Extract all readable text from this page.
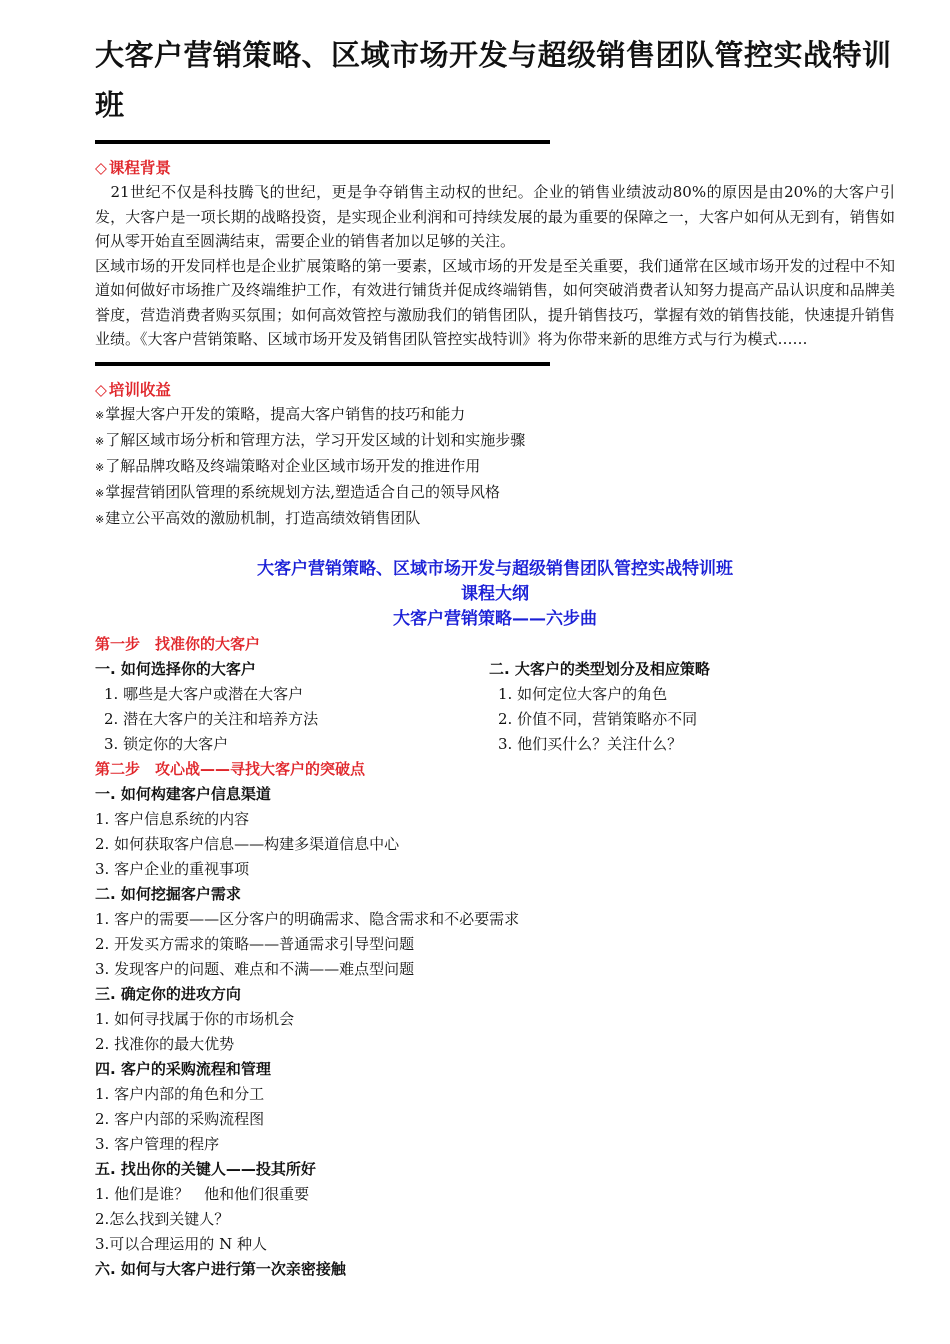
大客户营销策略、区域市场开发与超级销售团队管控实战特训班
◇ 课程背景

　21世纪不仅是科技腾飞的世纪，更是争夺销售主动权的世纪。企业的销售业绩波动80%的原因是由20%的大客户引发，大客户是一项长期的战略投资，是实现企业利润和可持续发展的最为重要的保障之一，大客户如何从无到有，销售如何从零开始直至圆满结束，需要企业的销售者加以足够的关注。

区域市场的开发同样也是企业扩展策略的第一要素，区域市场的开发是至关重要，我们通常在区域市场开发的过程中不知道如何做好市场推广及终端维护工作，有效进行铺货并促成终端销售，如何突破消费者认知努力提高产品认识度和品牌美誉度，营造消费者购买氛围；如何高效管控与激励我们的销售团队，提升销售技巧，掌握有效的销售技能，快速提升销售业绩。《大客户营销策略、区域市场开发及销售团队管控实战特训》将为你带来新的思维方式与行为模式……

◇ 培训收益
※掌握大客户开发的策略，提高大客户销售的技巧和能力
※了解区域市场分析和管理方法，学习开发区域的计划和实施步骤
※了解品牌攻略及终端策略对企业区域市场开发的推进作用
※掌握营销团队管理的系统规划方法,塑造适合自己的领导风格
※建立公平高效的激励机制，打造高绩效销售团队
大客户营销策略、区域市场开发与超级销售团队管控实战特训班
课程大纲
大客户营销策略——六步曲
第一步　找准你的大客户
一. 如何选择你的大客户
1. 哪些是大客户或潜在大客户
2. 潜在大客户的关注和培养方法
3. 锁定你的大客户
二. 大客户的类型划分及相应策略
1. 如何定位大客户的角色
2. 价值不同，营销策略亦不同
3. 他们买什么？关注什么？
第二步　攻心战——寻找大客户的突破点
一. 如何构建客户信息渠道
1. 客户信息系统的内容
2. 如何获取客户信息——构建多渠道信息中心
3. 客户企业的重视事项
二. 如何挖掘客户需求
1. 客户的需要——区分客户的明确需求、隐含需求和不必要需求
2. 开发买方需求的策略——普通需求引导型问题
3. 发现客户的问题、难点和不满——难点型问题
三. 确定你的进攻方向
1. 如何寻找属于你的市场机会
2. 找准你的最大优势
四. 客户的采购流程和管理
1. 客户内部的角色和分工
2. 客户内部的采购流程图
3. 客户管理的程序
五. 找出你的关键人——投其所好
1. 他们是谁？　他和他们很重要
2.怎么找到关键人？
3.可以合理运用的 N 种人
六. 如何与大客户进行第一次亲密接触
